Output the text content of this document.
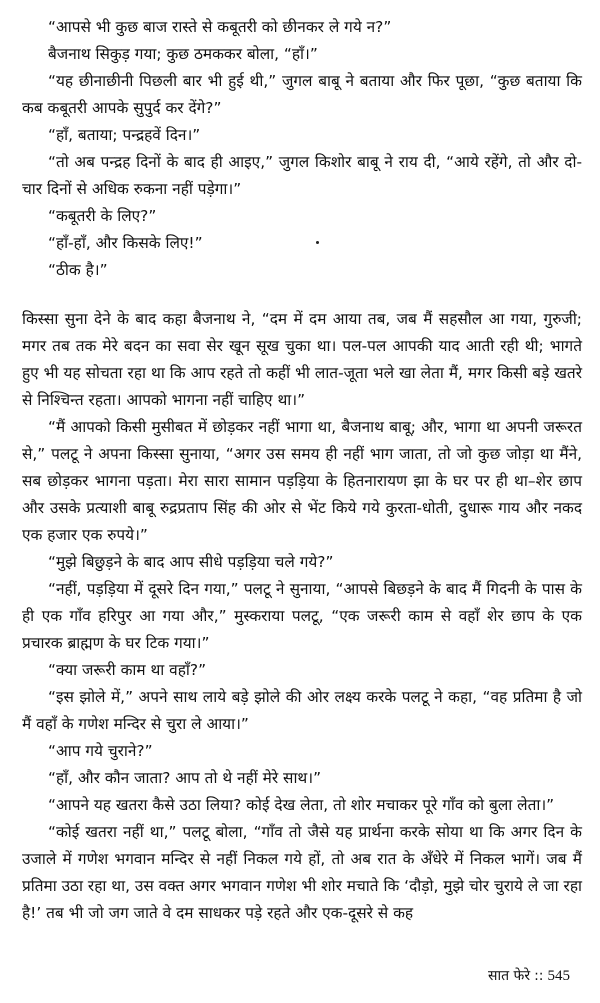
“आपसे भी कुछ बाज रास्ते से कबूतरी को छीनकर ले गये न?”

बैजनाथ सिकुड़ गया; कुछ ठमककर बोला, “हाँ।”

“यह छीनाछीनी पिछली बार भी हुई थी,” जुगल बाबू ने बताया और फिर पूछा, “कुछ बताया कि कब कबूतरी आपके सुपुर्द कर देंगे?”

“हाँ, बताया; पन्द्रहवें दिन।”

“तो अब पन्द्रह दिनों के बाद ही आइए,” जुगल किशोर बाबू ने राय दी, “आये रहेंगे, तो और दो-चार दिनों से अधिक रुकना नहीं पड़ेगा।”

“कबूतरी के लिए?”

“हाँ-हाँ, और किसके लिए!”

“ठीक है।”

किस्सा सुना देने के बाद कहा बैजनाथ ने, “दम में दम आया तब, जब मैं सहसौल आ गया, गुरुजी; मगर तब तक मेरे बदन का सवा सेर खून सूख चुका था। पल-पल आपकी याद आती रही थी; भागते हुए भी यह सोचता रहा था कि आप रहते तो कहीं भी लात-जूता भले खा लेता मैं, मगर किसी बड़े खतरे से निश्चिन्त रहता। आपको भागना नहीं चाहिए था।”

“मैं आपको किसी मुसीबत में छोड़कर नहीं भागा था, बैजनाथ बाबू; और, भागा था अपनी जरूरत से,” पलटू ने अपना किस्सा सुनाया, “अगर उस समय ही नहीं भाग जाता, तो जो कुछ जोड़ा था मैंने, सब छोड़कर भागना पड़ता। मेरा सारा सामान पड़ड़िया के हितनारायण झा के घर पर ही था–शेर छाप और उसके प्रत्याशी बाबू रुद्रप्रताप सिंह की ओर से भेंट किये गये कुरता-धोती, दुधारू गाय और नकद एक हजार एक रुपये।”

“मुझे बिछुड़ने के बाद आप सीधे पड़ड़िया चले गये?”

“नहीं, पड़ड़िया में दूसरे दिन गया,” पलटू ने सुनाया, “आपसे बिछड़ने के बाद मैं गिदनी के पास के ही एक गाँव हरिपुर आ गया और,” मुस्कराया पलटू, “एक जरूरी काम से वहाँ शेर छाप के एक प्रचारक ब्राह्मण के घर टिक गया।”

“क्या जरूरी काम था वहाँ?”

“इस झोले में,” अपने साथ लाये बड़े झोले की ओर लक्ष्य करके पलटू ने कहा, “वह प्रतिमा है जो मैं वहाँ के गणेश मन्दिर से चुरा ले आया।”

“आप गये चुराने?”

“हाँ, और कौन जाता? आप तो थे नहीं मेरे साथ।”

“आपने यह खतरा कैसे उठा लिया? कोई देख लेता, तो शोर मचाकर पूरे गाँव को बुला लेता।”

“कोई खतरा नहीं था,” पलटू बोला, “गाँव तो जैसे यह प्रार्थना करके सोया था कि अगर दिन के उजाले में गणेश भगवान मन्दिर से नहीं निकल गये हों, तो अब रात के अँधेरे में निकल भागें। जब मैं प्रतिमा उठा रहा था, उस वक्त अगर भगवान गणेश भी शोर मचाते कि ‘दौड़ो, मुझे चोर चुराये ले जा रहा है!’ तब भी जो जग जाते वे दम साधकर पड़े रहते और एक-दूसरे से कह

सात फेरे :: 545
